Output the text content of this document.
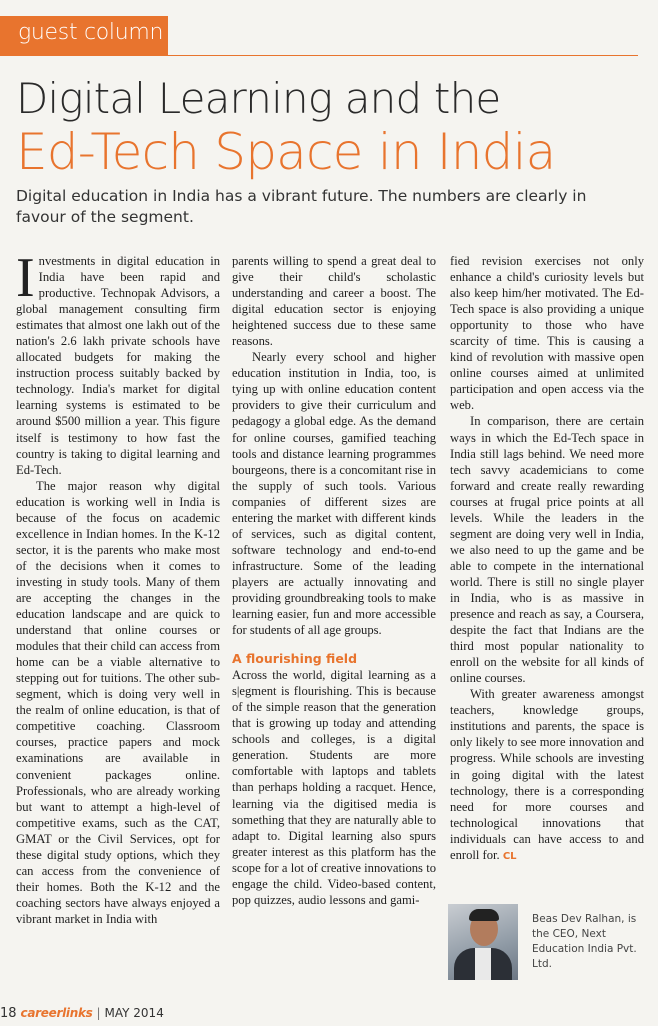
guest column
Digital Learning and the
Ed-Tech Space in India

Digital education in India has a vibrant future. The numbers are clearly in favour of the segment.

Investments in digital education in India have been rapid and productive. Technopak Advisors, a global management consulting firm estimates that almost one lakh out of the nation's 2.6 lakh private schools have allocated budgets for making the instruction process suitably backed by technology. India's market for digital learning systems is estimated to be around $500 million a year. This figure itself is testimony to how fast the country is taking to digital learning and Ed-Tech.

The major reason why digital education is working well in India is because of the focus on academic excellence in Indian homes. In the K-12 sector, it is the parents who make most of the decisions when it comes to investing in study tools. Many of them are accepting the changes in the education landscape and are quick to understand that online courses or modules that their child can access from home can be a viable alternative to stepping out for tuitions. The other sub-segment, which is doing very well in the realm of online education, is that of competitive coaching. Classroom courses, practice papers and mock examinations are available in convenient packages online. Professionals, who are already working but want to attempt a high-level of competitive exams, such as the CAT, GMAT or the Civil Services, opt for these digital study options, which they can access from the convenience of their homes. Both the K-12 and the coaching sectors have always enjoyed a vibrant market in India with

parents willing to spend a great deal to give their child's scholastic understanding and career a boost. The digital education sector is enjoying heightened success due to these same reasons.

Nearly every school and higher education institution in India, too, is tying up with online education content providers to give their curriculum and pedagogy a global edge. As the demand for online courses, gamified teaching tools and distance learning programmes bourgeons, there is a concomitant rise in the supply of such tools. Various companies of different sizes are entering the market with different kinds of services, such as digital content, software technology and end-to-end infrastructure. Some of the leading players are actually innovating and providing groundbreaking tools to make learning easier, fun and more accessible for students of all age groups.

A flourishing field

Across the world, digital learning as a s|egment is flourishing. This is because of the simple reason that the generation that is growing up today and attending schools and colleges, is a digital generation. Students are more comfortable with laptops and tablets than perhaps holding a racquet. Hence, learning via the digitised media is something that they are naturally able to adapt to. Digital learning also spurs greater interest as this platform has the scope for a lot of creative innovations to engage the child. Video-based content, pop quizzes, audio lessons and gami-

fied revision exercises not only enhance a child's curiosity levels but also keep him/her motivated. The Ed-Tech space is also providing a unique opportunity to those who have scarcity of time. This is causing a kind of revolution with massive open online courses aimed at unlimited participation and open access via the web.

In comparison, there are certain ways in which the Ed-Tech space in India still lags behind. We need more tech savvy academicians to come forward and create really rewarding courses at frugal price points at all levels. While the leaders in the segment are doing very well in India, we also need to up the game and be able to compete in the international world. There is still no single player in India, who is as massive in presence and reach as say, a Coursera, despite the fact that Indians are the third most popular nationality to enroll on the website for all kinds of online courses.

With greater awareness amongst teachers, knowledge groups, institutions and parents, the space is only likely to see more innovation and progress. While schools are investing in going digital with the latest technology, there is a corresponding need for more courses and technological innovations that individuals can have access to and enroll for. CL

Beas Dev Ralhan, is the CEO, Next Education India Pvt. Ltd.
18 careerlinks | MAY 2014
